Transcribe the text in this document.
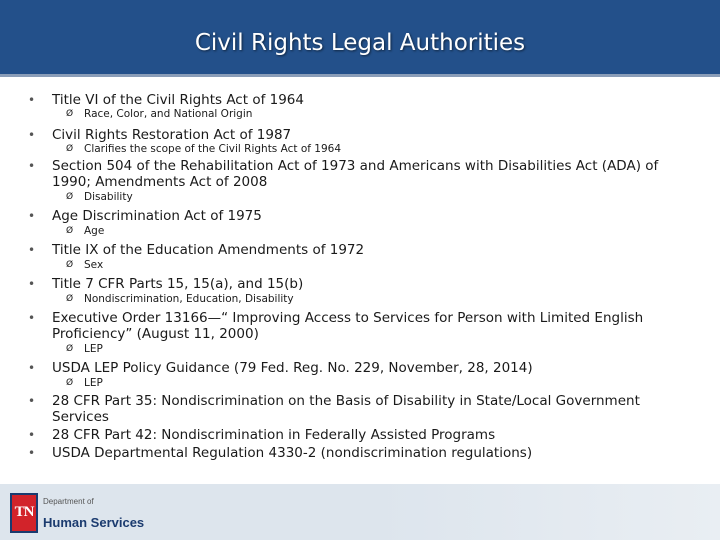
Civil Rights Legal Authorities
• Title VI of the Civil Rights Act of 1964
Ø Race, Color, and National Origin
• Civil Rights Restoration Act of 1987
Ø Clarifies the scope of the Civil Rights Act of 1964
• Section 504 of the Rehabilitation Act of 1973 and Americans with Disabilities Act (ADA) of 1990; Amendments Act of 2008
Ø Disability
• Age Discrimination Act of 1975
Ø Age
• Title IX of the Education Amendments of 1972
Ø Sex
• Title 7 CFR Parts 15, 15(a), and 15(b)
Ø Nondiscrimination, Education, Disability
• Executive Order 13166—“ Improving Access to Services for Person with Limited English Proficiency” (August 11, 2000)
Ø LEP
• USDA LEP Policy Guidance (79 Fed. Reg. No. 229, November, 28, 2014)
Ø LEP
• 28 CFR Part 35: Nondiscrimination on the Basis of Disability in State/Local Government Services
• 28 CFR Part 42: Nondiscrimination in Federally Assisted Programs
• USDA Departmental Regulation 4330-2 (nondiscrimination regulations)
TN
Department of
Human Services
